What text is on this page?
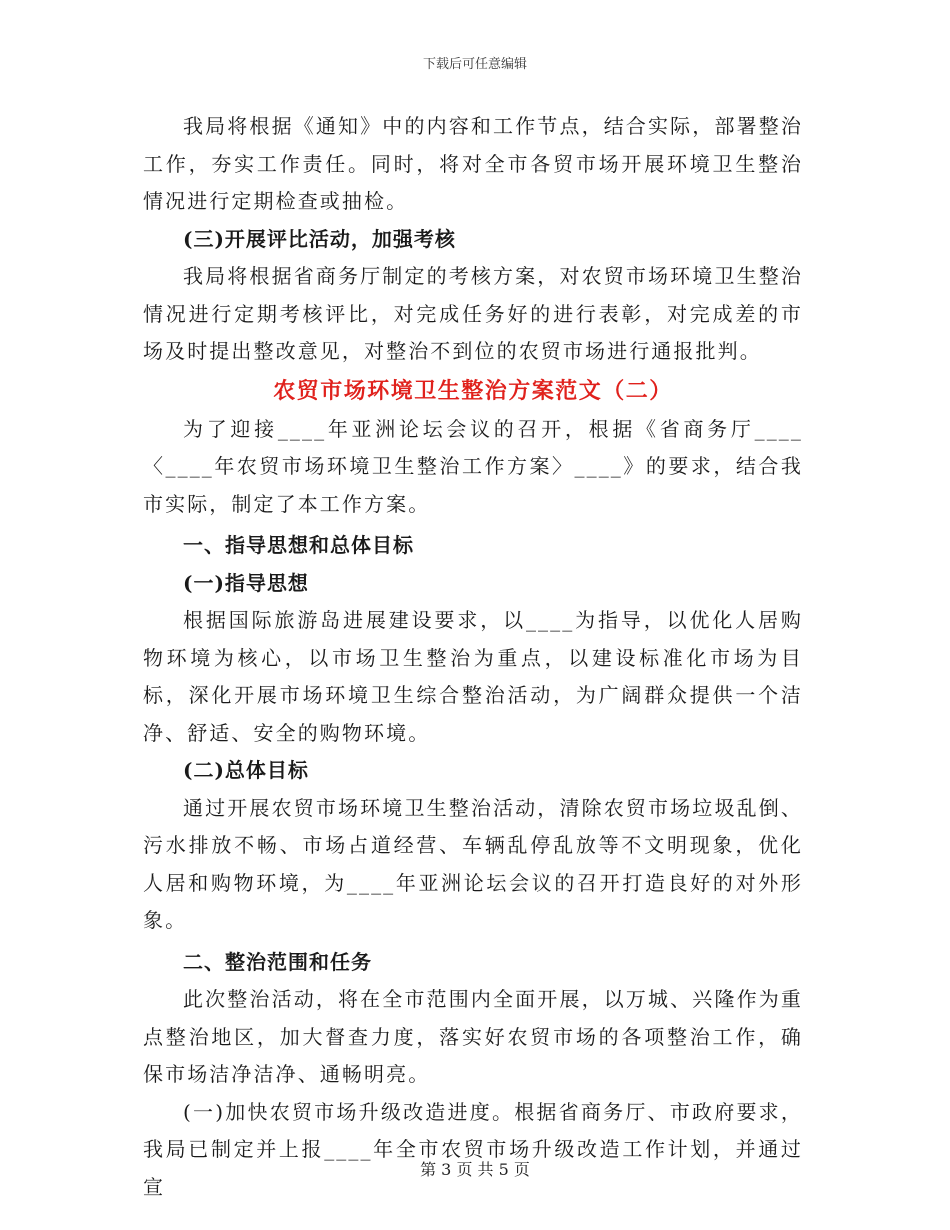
下载后可任意编辑

我局将根据《通知》中的内容和工作节点，结合实际，部署整治工作，夯实工作责任。同时，将对全市各贸市场开展环境卫生整治情况进行定期检查或抽检。

(三)开展评比活动，加强考核

我局将根据省商务厅制定的考核方案，对农贸市场环境卫生整治情况进行定期考核评比，对完成任务好的进行表彰，对完成差的市场及时提出整改意见，对整治不到位的农贸市场进行通报批判。

农贸市场环境卫生整治方案范文（二）

为了迎接____年亚洲论坛会议的召开，根据《省商务厅____〈____年农贸市场环境卫生整治工作方案〉____》的要求，结合我市实际，制定了本工作方案。

一、指导思想和总体目标

(一)指导思想

根据国际旅游岛进展建设要求，以____为指导，以优化人居购物环境为核心，以市场卫生整治为重点，以建设标准化市场为目标，深化开展市场环境卫生综合整治活动，为广阔群众提供一个洁净、舒适、安全的购物环境。

(二)总体目标

通过开展农贸市场环境卫生整治活动，清除农贸市场垃圾乱倒、污水排放不畅、市场占道经营、车辆乱停乱放等不文明现象，优化人居和购物环境，为____年亚洲论坛会议的召开打造良好的对外形象。

二、整治范围和任务

此次整治活动，将在全市范围内全面开展，以万城、兴隆作为重点整治地区，加大督查力度，落实好农贸市场的各项整治工作，确保市场洁净洁净、通畅明亮。

(一)加快农贸市场升级改造进度。根据省商务厅、市政府要求，我局已制定并上报____年全市农贸市场升级改造工作计划，并通过宣

第 3 页 共 5 页
